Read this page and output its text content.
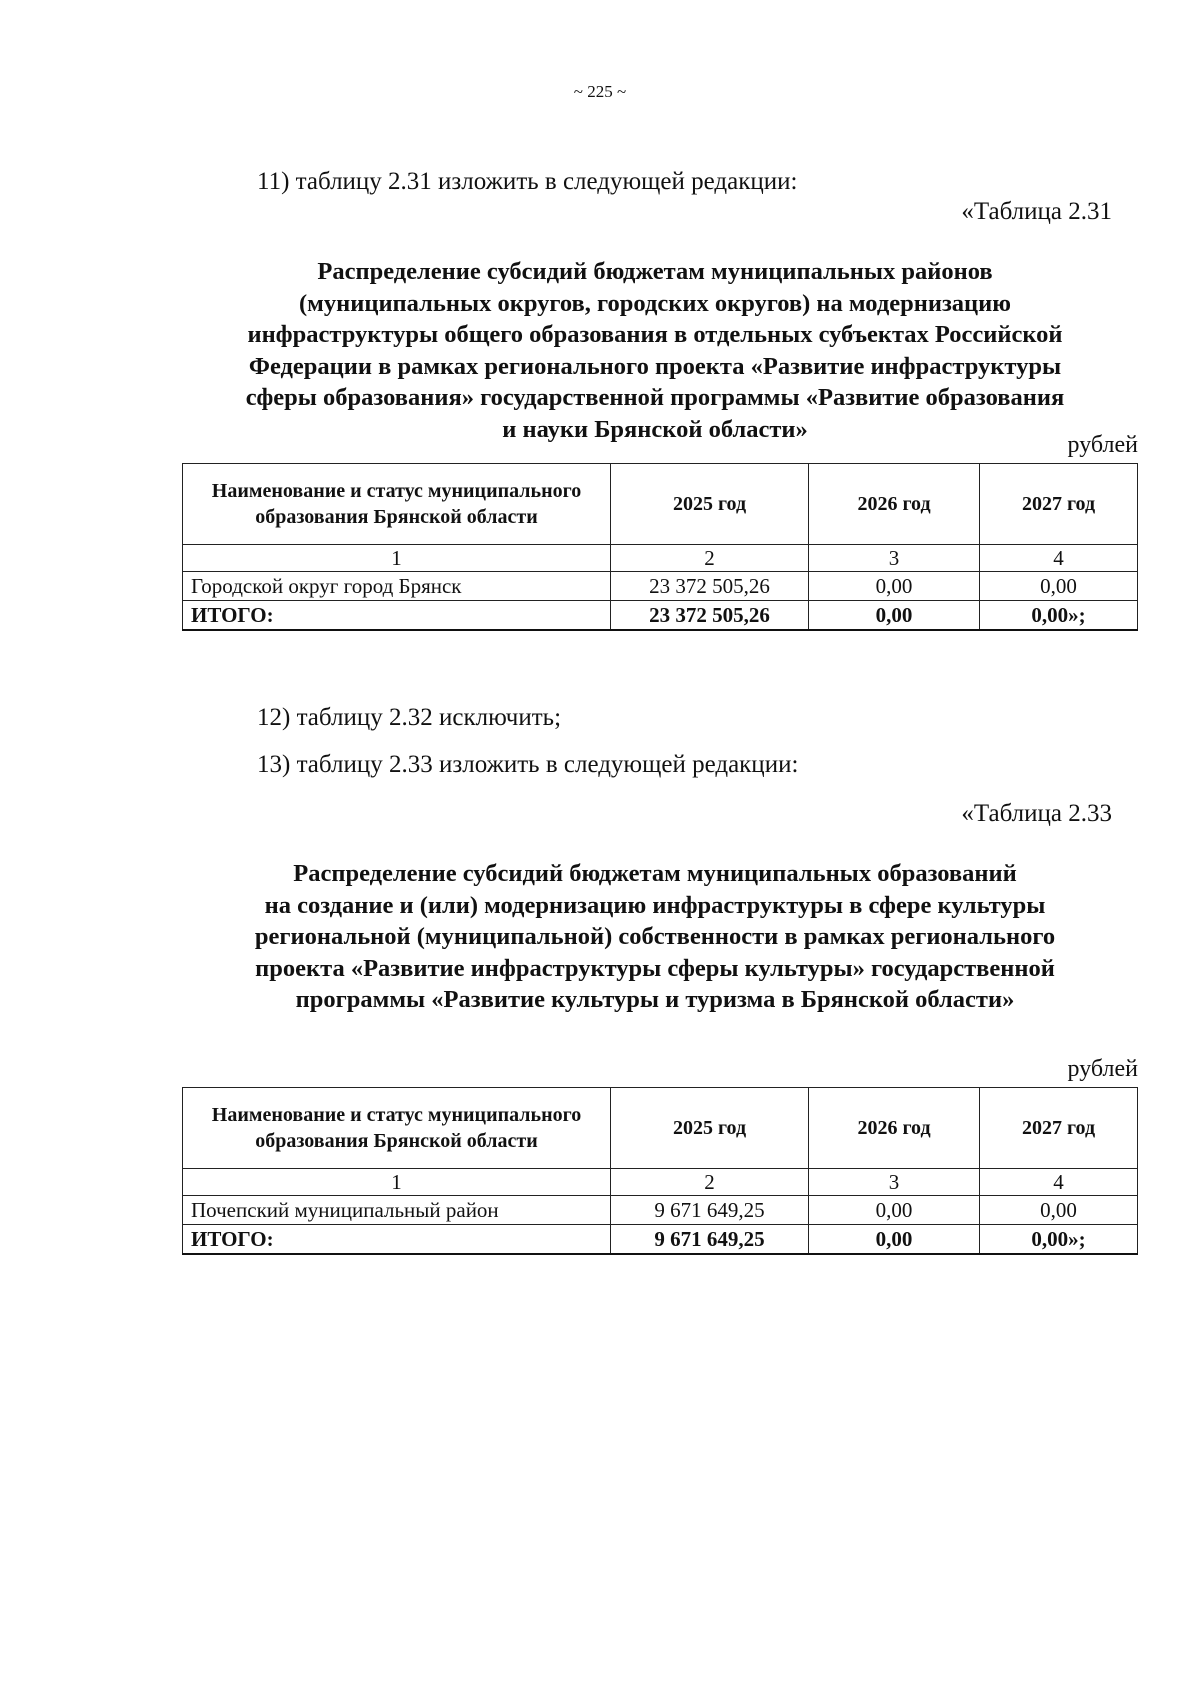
~ 225 ~
11) таблицу 2.31 изложить в следующей редакции:
«Таблица 2.31
Распределение субсидий бюджетам муниципальных районов
(муниципальных округов, городских округов) на модернизацию
инфраструктуры общего образования в отдельных субъектах Российской
Федерации в рамках регионального проекта «Развитие инфраструктуры
сферы образования» государственной программы «Развитие образования
и науки Брянской области»
рублей
Наименование и статус муниципального образования Брянской области	2025 год	2026 год	2027 год
1	2	3	4
Городской округ город Брянск	23 372 505,26	0,00	0,00
ИТОГО:	23 372 505,26	0,00	0,00»;
12) таблицу 2.32 исключить;
13) таблицу 2.33 изложить в следующей редакции:
«Таблица 2.33
Распределение субсидий бюджетам муниципальных образований
на создание и (или) модернизацию инфраструктуры в сфере культуры
региональной (муниципальной) собственности в рамках регионального
проекта «Развитие инфраструктуры сферы культуры» государственной
программы «Развитие культуры и туризма в Брянской области»
рублей
Наименование и статус муниципального образования Брянской области	2025 год	2026 год	2027 год
1	2	3	4
Почепский муниципальный район	9 671 649,25	0,00	0,00
ИТОГО:	9 671 649,25	0,00	0,00»;
